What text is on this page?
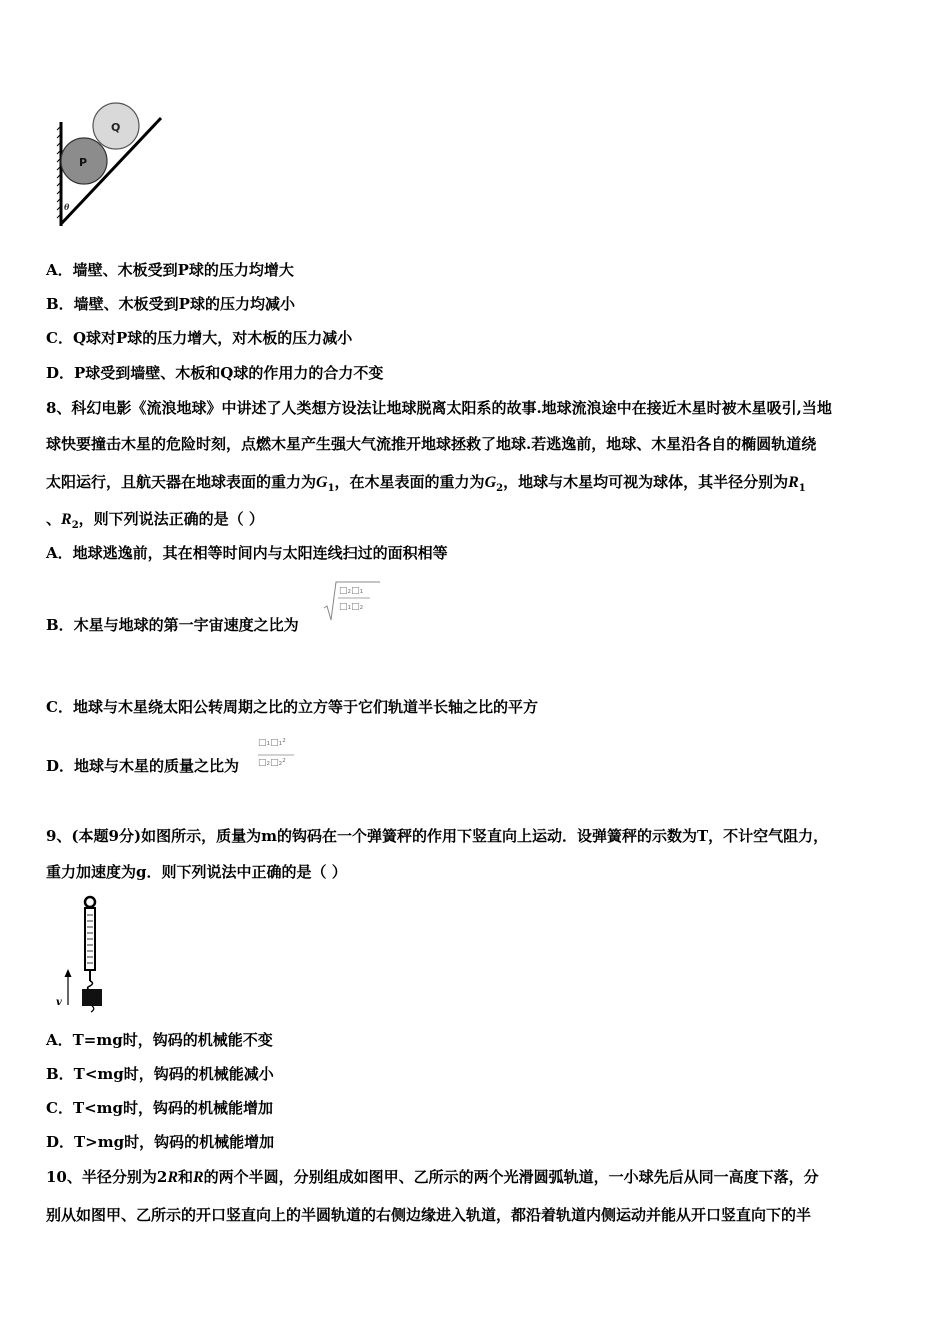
Q
P
θ
A．墙壁、木板受到P球的压力均增大
B．墙壁、木板受到P球的压力均减小
C．Q球对P球的压力增大，对木板的压力减小
D．P球受到墙壁、木板和Q球的作用力的合力不变
8、科幻电影《流浪地球》中讲述了人类想方设法让地球脱离太阳系的故事.地球流浪途中在接近木星时被木星吸引,当地
球快要撞击木星的危险时刻，点燃木星产生强大气流推开地球拯救了地球.若逃逸前，地球、木星沿各自的椭圆轨道绕
太阳运行，且航天器在地球表面的重力为$G_1$，在木星表面的重力为$G_2$，地球与木星均可视为球体，其半径分别为$R_1$
、$R_2$，则下列说法正确的是（ ）
A．地球逃逸前，其在相等时间内与太阳连线扫过的面积相等
B．木星与地球的第一宇宙速度之比为
□₂□₁
□₁□₂
C．地球与木星绕太阳公转周期之比的立方等于它们轨道半长轴之比的平方
D．地球与木星的质量之比为
□₁□₁²
□₂□₂²
9、(本题9分)如图所示，质量为m的钩码在一个弹簧秤的作用下竖直向上运动．设弹簧秤的示数为T，不计空气阻力，
重力加速度为g．则下列说法中正确的是（ ）
v
A．T=mg时，钩码的机械能不变
B．T<mg时，钩码的机械能减小
C．T<mg时，钩码的机械能增加
D．T>mg时，钩码的机械能增加
10、半径分别为2R和R的两个半圆，分别组成如图甲、乙所示的两个光滑圆弧轨道，一小球先后从同一高度下落，分
别从如图甲、乙所示的开口竖直向上的半圆轨道的右侧边缘进入轨道，都沿着轨道内侧运动并能从开口竖直向下的半
